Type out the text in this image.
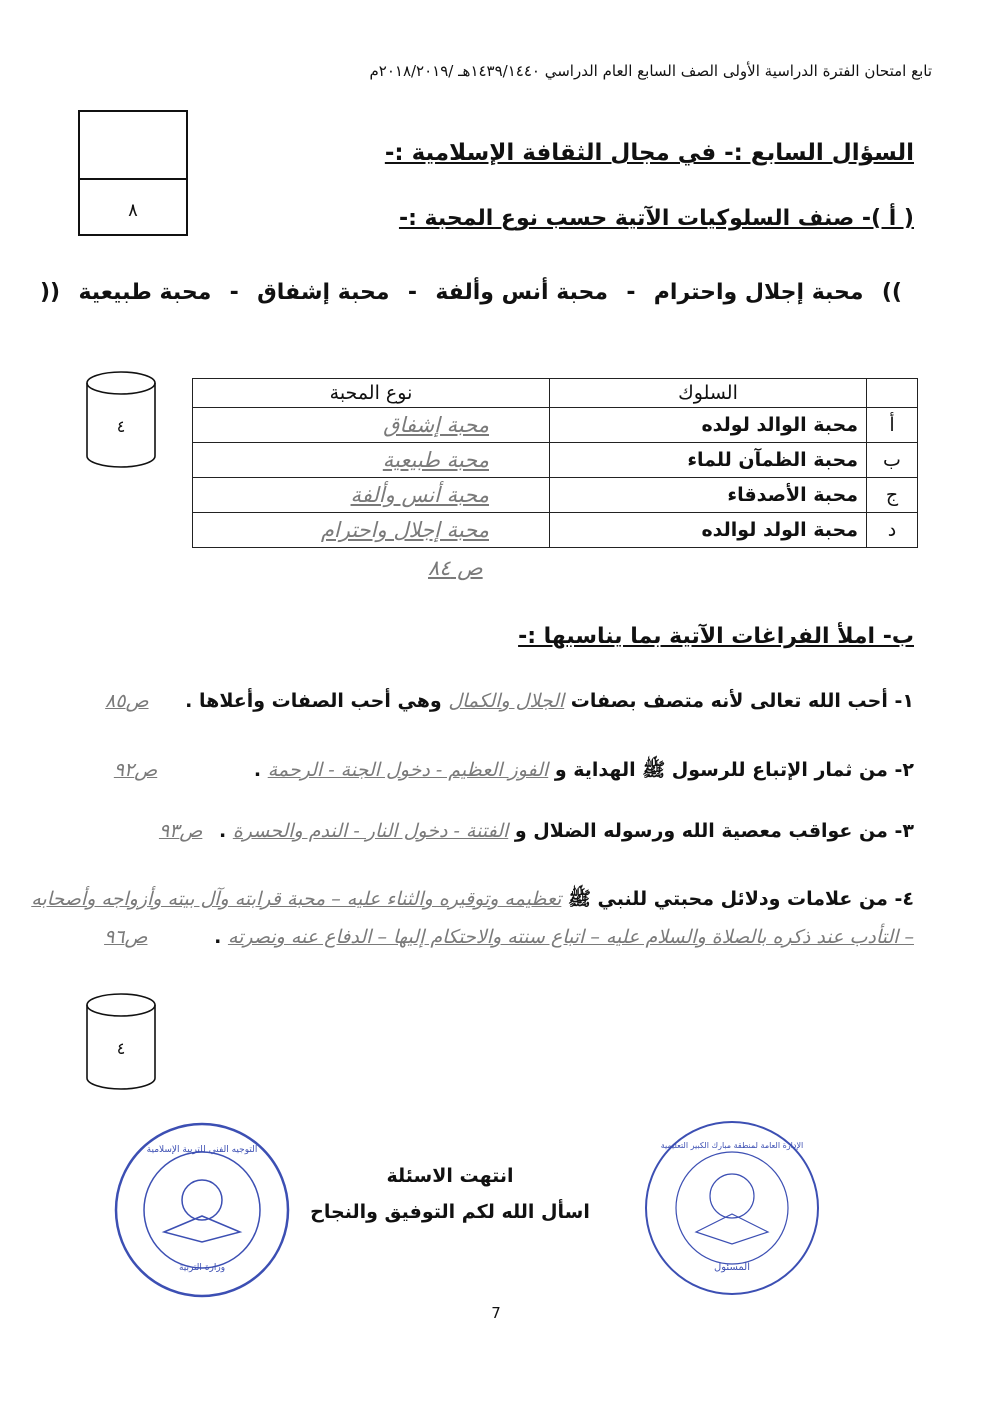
تابع امتحان الفترة الدراسية الأولى الصف السابع العام الدراسي ١٤٣٩/١٤٤٠هـ /٢٠١٨/٢٠١٩م
٨
السؤال السابع :- في مجال الثقافة الإسلامية :-
( أ )- صنف السلوكيات الآتية حسب نوع المحبة :-
((
محبة إجلال واحترام
-
محبة أنس وألفة
-
محبة إشفاق
-
محبة طبيعية
))
٤
	السلوك	نوع المحبة
أ	محبة الوالد لولده	محبة إشفاق
ب	محبة الظمآن للماء	محبة طبيعية
ج	محبة الأصدقاء	محبة أنس وألفة
د	محبة الولد لوالده	محبة إجلال واحترام
ص ٨٤
ب- املأ الفراغات الآتية بما يناسبها :-
١- أحب الله تعالى لأنه متصف بصفات الجلال والكمال وهي أحب الصفات وأعلاها . ص٨٥
٢- من ثمار الإتباع للرسول ﷺ الهداية و الفوز العظيم - دخول الجنة - الرحمة . ص٩٢
٣- من عواقب معصية الله ورسوله الضلال و الفتنة - دخول النار - الندم والحسرة . ص٩٣
٤- من علامات ودلائل محبتي للنبي ﷺ تعظيمه وتوقيره والثناء عليه – محبة قرابته وآل بيته وأزواجه وأصحابه – التأدب عند ذكره بالصلاة والسلام عليه – اتباع سنته والاحتكام إليها – الدفاع عنه ونصرته . ص٩٦
٤
انتهت الاسئلة
اسأل الله لكم التوفيق والنجاح
التوجيه الفني للتربية الإسلامية
وزارة التربية
الإدارة العامة لمنطقة مبارك الكبير التعليمية
المسئول
7
